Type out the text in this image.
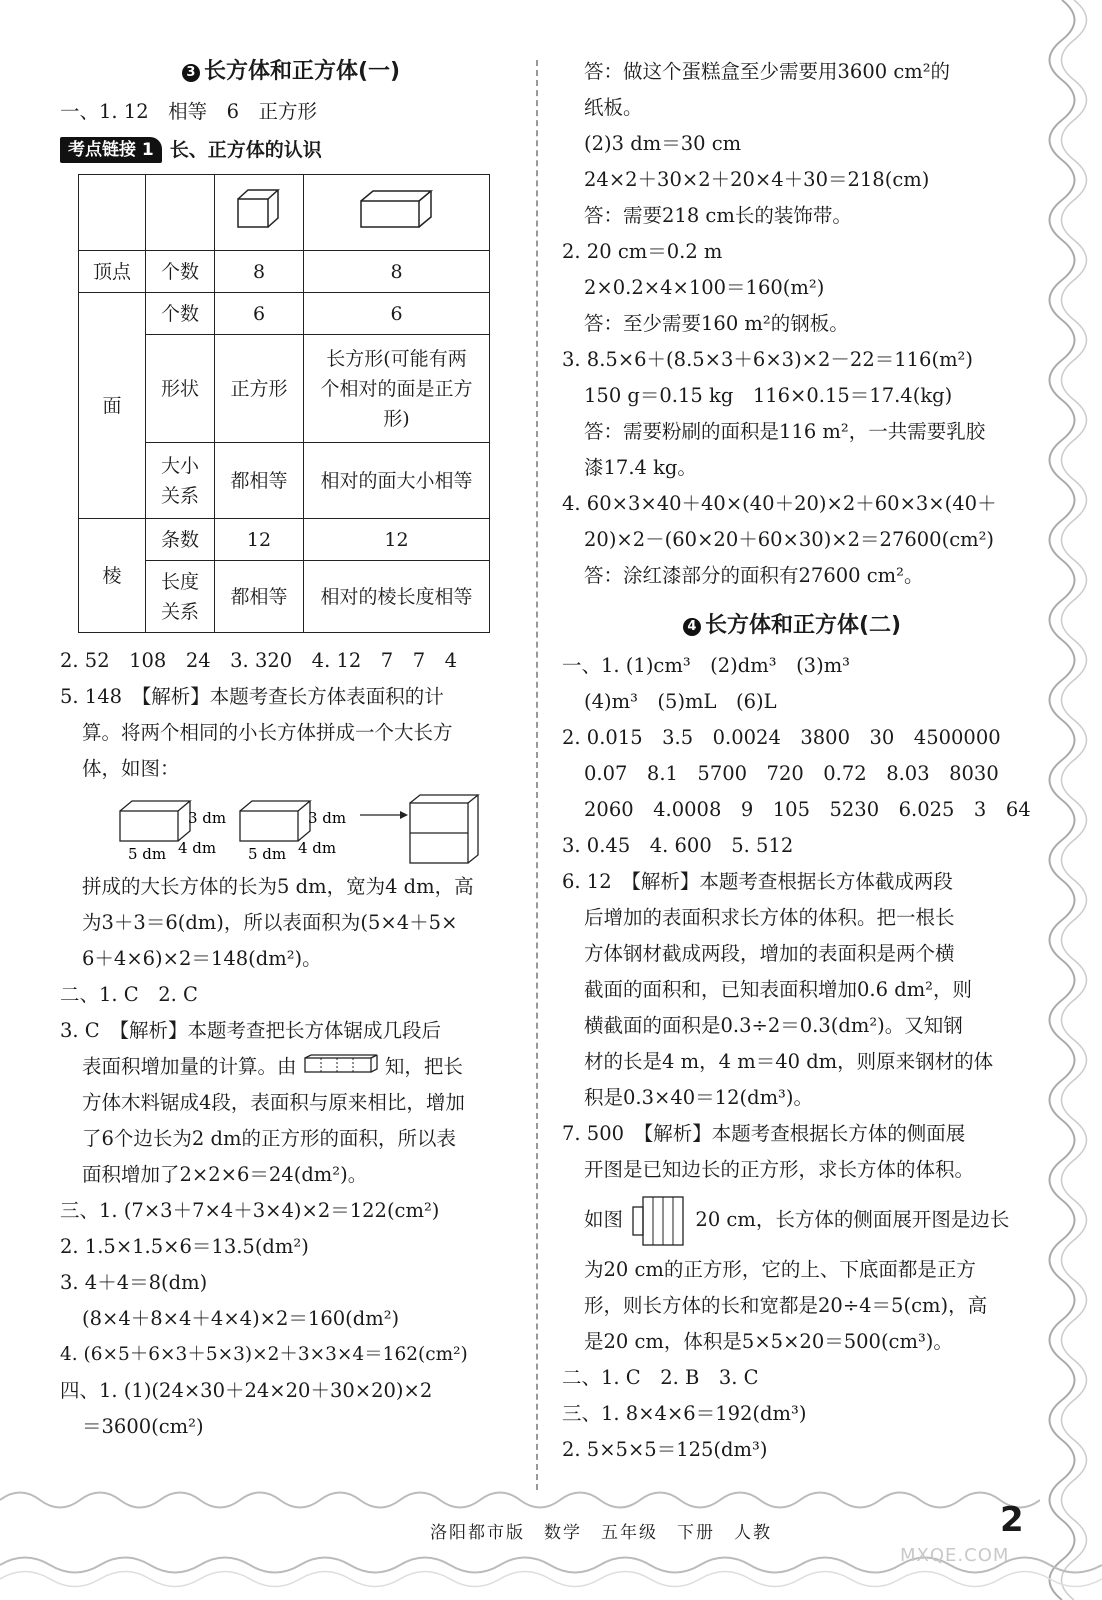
3 长方体和正方体(一)
一、1. 12　相等　6　正方形
考点链接 1 长、正方体的认识

顶点	个数	8	8
面	个数	6	6
	形状	正方形	长方形(可能有两个相对的面是正方形)
	大小关系	都相等	相对的面大小相等
棱	条数	12	12
	长度关系	都相等	相对的棱长度相等
2. 52　108　24　3. 320　4. 12　7　7　4
5. 148　【解析】本题考查长方体表面积的计
算。将两个相同的小长方体拼成一个大长方
体，如图：
3 dm
4 dm
5 dm
3 dm
4 dm
5 dm
拼成的大长方体的长为5 dm，宽为4 dm，高
为3＋3＝6(dm)，所以表面积为(5×4＋5×
6＋4×6)×2＝148(dm²)。
二、1. C　2. C
3. C　【解析】本题考查把长方体锯成几段后
表面积增加量的计算。由	知，把长
方体木料锯成4段，表面积与原来相比，增加
了6个边长为2 dm的正方形的面积，所以表
面积增加了2×2×6＝24(dm²)。
三、1. (7×3＋7×4＋3×4)×2＝122(cm²)
2. 1.5×1.5×6＝13.5(dm²)
3. 4＋4＝8(dm)
(8×4＋8×4＋4×4)×2＝160(dm²)
4. (6×5＋6×3＋5×3)×2＋3×3×4＝162(cm²)
四、1. (1)(24×30＋24×20＋30×20)×2
＝3600(cm²)
答：做这个蛋糕盒至少需要用3600 cm²的
纸板。
(2)3 dm＝30 cm
24×2＋30×2＋20×4＋30＝218(cm)
答：需要218 cm长的装饰带。
2. 20 cm＝0.2 m
2×0.2×4×100＝160(m²)
答：至少需要160 m²的钢板。
3. 8.5×6＋(8.5×3＋6×3)×2－22＝116(m²)
150 g＝0.15 kg　116×0.15＝17.4(kg)
答：需要粉刷的面积是116 m²，一共需要乳胶
漆17.4 kg。
4. 60×3×40＋40×(40＋20)×2＋60×3×(40＋
20)×2－(60×20＋60×30)×2＝27600(cm²)
答：涂红漆部分的面积有27600 cm²。
4 长方体和正方体(二)
一、1. (1)cm³　(2)dm³　(3)m³
(4)m³　(5)mL　(6)L
2. 0.015　3.5　0.0024　3800　30　4500000
0.07　8.1　5700　720　0.72　8.03　8030
2060　4.0008　9　105　5230　6.025　3　64
3. 0.45　4. 600　5. 512
6. 12　【解析】本题考查根据长方体截成两段
后增加的表面积求长方体的体积。把一根长
方体钢材截成两段，增加的表面积是两个横
截面的面积和，已知表面积增加0.6 dm²，则
横截面的面积是0.3÷2＝0.3(dm²)。又知钢
材的长是4 m，4 m＝40 dm，则原来钢材的体
积是0.3×40＝12(dm³)。
7. 500　【解析】本题考查根据长方体的侧面展
开图是已知边长的正方形，求长方体的体积。
如图	20 cm，长方体的侧面展开图是边长
为20 cm的正方形，它的上、下底面都是正方
形，则长方体的长和宽都是20÷4＝5(cm)，高
是20 cm，体积是5×5×20＝500(cm³)。
二、1. C　2. B　3. C
三、1. 8×4×6＝192(dm³)
2. 5×5×5＝125(dm³)
洛阳都市版　数学　五年级　下册　人教	2
MXQE.COM
